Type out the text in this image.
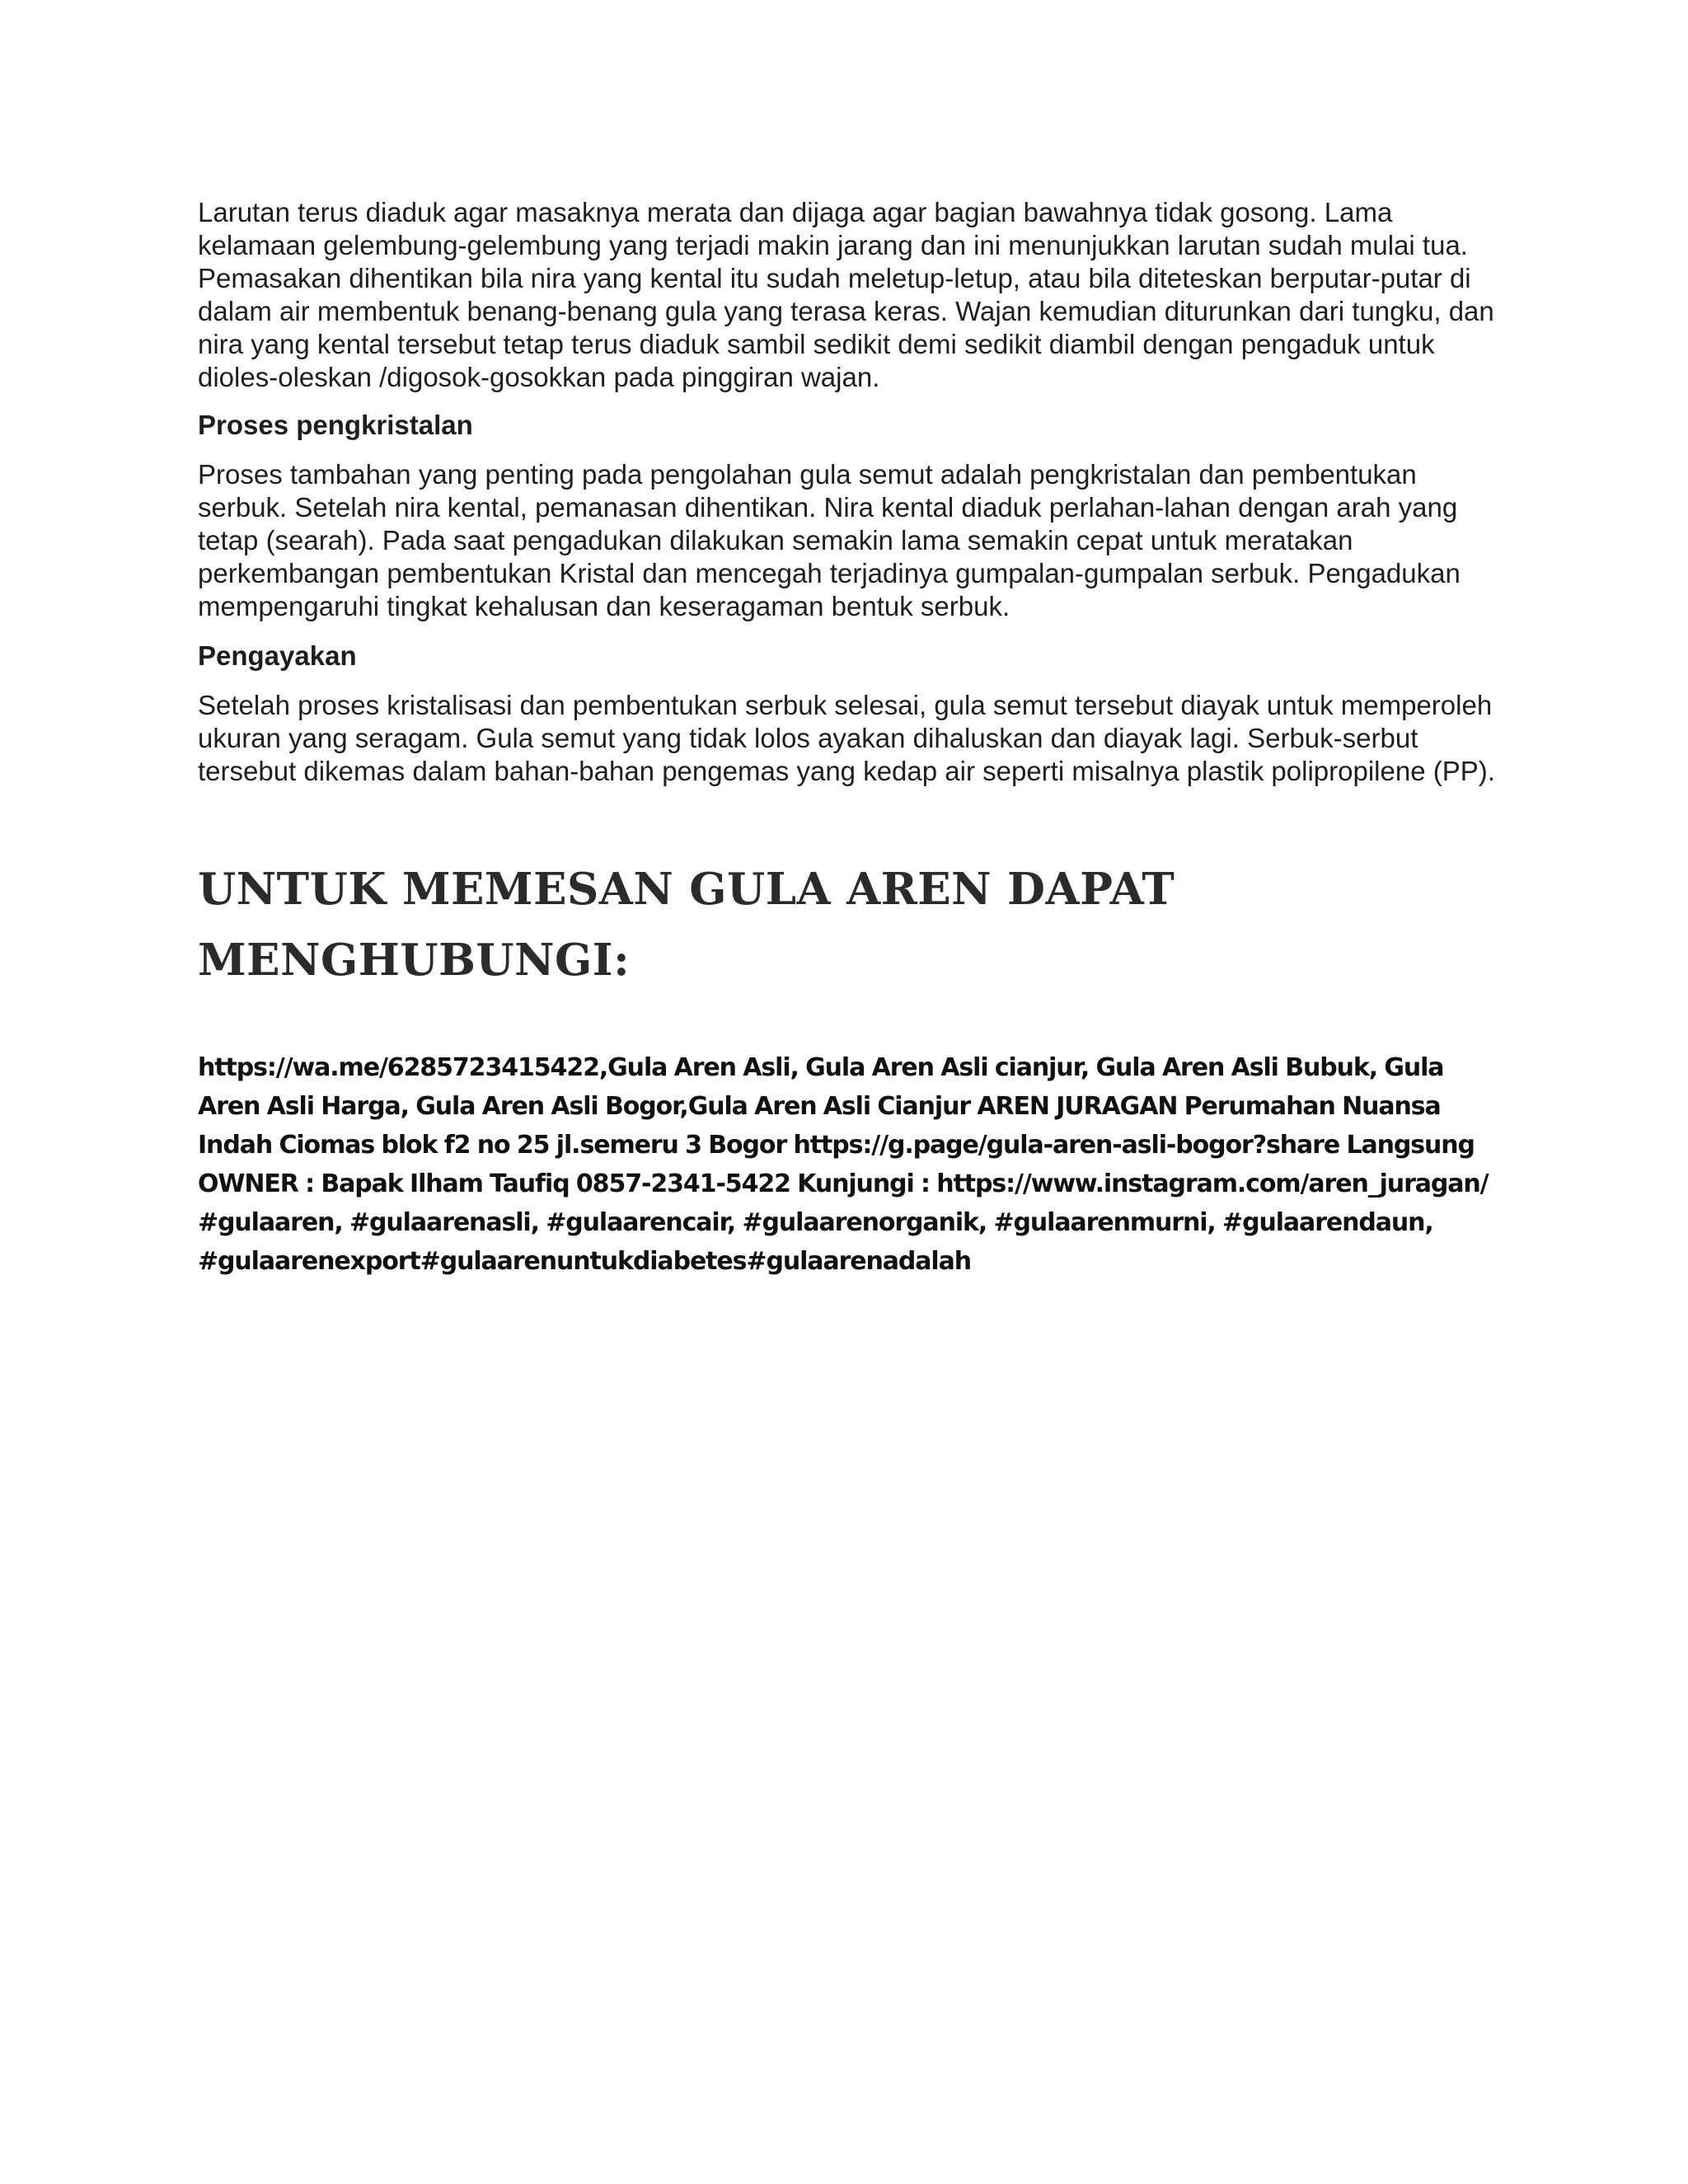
Larutan terus diaduk agar masaknya merata dan dijaga agar bagian bawahnya tidak gosong. Lama kelamaan gelembung-gelembung yang terjadi makin jarang dan ini menunjukkan larutan sudah mulai tua. Pemasakan dihentikan bila nira yang kental itu sudah meletup-letup, atau bila diteteskan berputar-putar di dalam air membentuk benang-benang gula yang terasa keras. Wajan kemudian diturunkan dari tungku, dan nira yang kental tersebut tetap terus diaduk sambil sedikit demi sedikit diambil dengan pengaduk untuk dioles-oleskan /digosok-gosokkan pada pinggiran wajan.

Proses pengkristalan

Proses tambahan yang penting pada pengolahan gula semut adalah pengkristalan dan pembentukan serbuk. Setelah nira kental, pemanasan dihentikan. Nira kental diaduk perlahan-lahan dengan arah yang tetap (searah). Pada saat pengadukan dilakukan semakin lama semakin cepat untuk meratakan perkembangan pembentukan Kristal dan mencegah terjadinya gumpalan-gumpalan serbuk. Pengadukan mempengaruhi tingkat kehalusan dan keseragaman bentuk serbuk.

Pengayakan

Setelah proses kristalisasi dan pembentukan serbuk selesai, gula semut tersebut diayak untuk memperoleh ukuran yang seragam. Gula semut yang tidak lolos ayakan dihaluskan dan diayak lagi. Serbuk-serbut tersebut dikemas dalam bahan-bahan pengemas yang kedap air seperti misalnya plastik polipropilene (PP).

UNTUK MEMESAN GULA AREN DAPAT MENGHUBUNGI:

https://wa.me/6285723415422,Gula Aren Asli, Gula Aren Asli cianjur, Gula Aren Asli Bubuk, Gula Aren Asli Harga, Gula Aren Asli Bogor,Gula Aren Asli Cianjur AREN JURAGAN Perumahan Nuansa Indah Ciomas blok f2 no 25 jl.semeru 3 Bogor https://g.page/gula-aren-asli-bogor?share Langsung OWNER : Bapak Ilham Taufiq 0857-2341-5422 Kunjungi : https://www.instagram.com/aren_juragan/ #gulaaren, #gulaarenasli, #gulaarencair, #gulaarenorganik, #gulaarenmurni, #gulaarendaun, #gulaarenexport#gulaarenuntukdiabetes#gulaarenadalah
